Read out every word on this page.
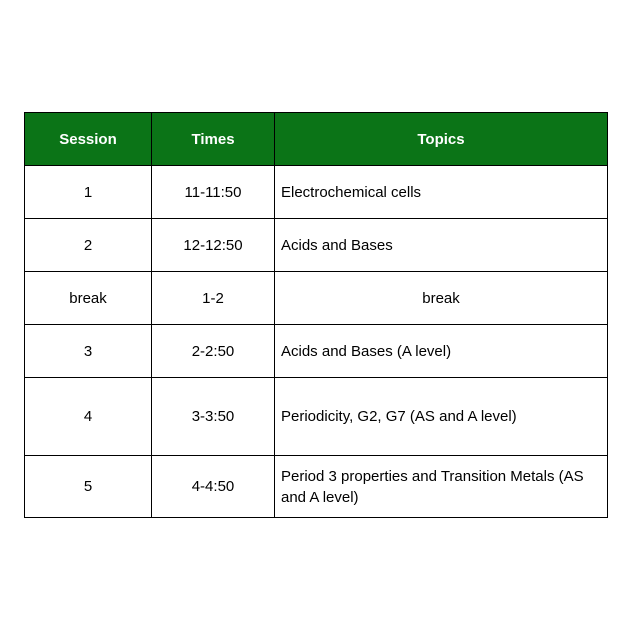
Session	Times	Topics
1	11-11:50	Electrochemical cells
2	12-12:50	Acids and Bases
break	1-2	break
3	2-2:50	Acids and Bases (A level)
4	3-3:50	Periodicity, G2, G7 (AS and A level)
5	4-4:50	Period 3 properties and Transition Metals (AS and A level)
